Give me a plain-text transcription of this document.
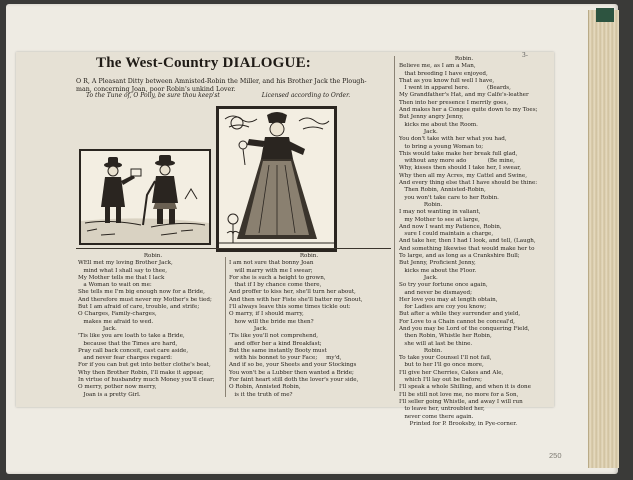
The West-Country DIALOGUE:
O R, A Pleasant Ditty between Amnisted-Robin the Miller, and his Brother Jack the Plough-man, concerning Joan, poor Robin's unkind Lover.
To the Tune of, O Polly, be sure thou keep'st	Licensed according to Order.
Robin.
WEll met my loving Brother Jack,
mind what I shall say to thee,
My Mother tells me that I lack
a Woman to wait on me:
She tells me I'm big enough now for a Bride,
And therefore must never my Mother's be tied;
But I am afraid of care, trouble, and strife;
O Charges, Family-charges,
makes me afraid to wed.
Jack.
'Tis like you are loath to take a Bride,
because that the Times are hard,
Pray call back conceit, cast care aside,
and never fear charges regard:
For if you can but get into better clothe's beat,
Why then Brother Robin, I'll make it appear,
In virtue of husbandry much Money you'll clear;
O merry, pother now merry,
Joan is a pretty Girl.
Robin.
I am not sure that bonny Joan
will marry with me I swear;
For she is such a height to grown,
that if I by chance come there,
And proffer to kiss her, she'll turn her about,
And then with her Fiste she'll batter my Snout,
I'll always leave this some times tickle out:
O marry, if I should marry,
how will the bride me then?
Jack.
'Tis like you'll not comprehend,
and offer her a kind Breakfast;
But the same instantly Booty must
with his bonnet to your Face;     my'd,
And if so be, your Sheets and your Stockings
You won't be a Lubber then wanted a Bride;
For faint heart still doth the lover's your side,
O Robin, Annisted Robin,
is it the truth of me?
Robin.
Believe me, as I am a Man,
that breeding I have enjoyed,
That as you know full well I have,
I went in apparel here.          (Beards,
My Grandfather's Hat, and my Calfe's-leather
Then into her presence I merrily goes,
And makes her a Congee quite down to my Toes;
But Jenny angry Jenny,
kicks me about the Room.
Jack.
You don't take with her what you had,
to bring a young Woman to;
This would take make her break full glad,
without any more ado            (Be mine,
Why, kisses then should I take her, I swear,
Why then all my Acres, my Cattel and Swine,
And every thing else that I have should be thine:
Then Robin, Annisted-Robin,
you won't take care to her Robin.
Robin.
I may not wanting in valiant,
my Mother to see at large,
And now I want my Patience, Robin,
sure I could maintain a charge,
And take her, then I had I look, and tell, (Laugh,
And something likewise that would make her to
To large, and as long as a Crankshire Bull;
But Jenny, Proficient Jenny,
kicks me about the Floor.
Jack.
So try your fortune once again,
and never be dismayed;
Her love you may at length obtain,
for Ladies are coy you know;
But after a while they surrender and yield,
For Love to a Chain cannot be conceal'd,
And you may be Lord of the conquering Field,
then Robin, Whistle her Robin,
she will at last be thine.
Robin.
To take your Counsel I'll not fail,
but to her I'll go once more,
I'll give her Cherries, Cakes and Ale,
which I'll lay out be before;
I'll speak a whole Shilling, and when it is done
I'll be still not love me, no more for a Son,
I'll seller going Whistle, and away I will run
to leave her, untroubled her,
never come there again.
Printed for P. Brooksby, in Pye-corner.
3-
250
